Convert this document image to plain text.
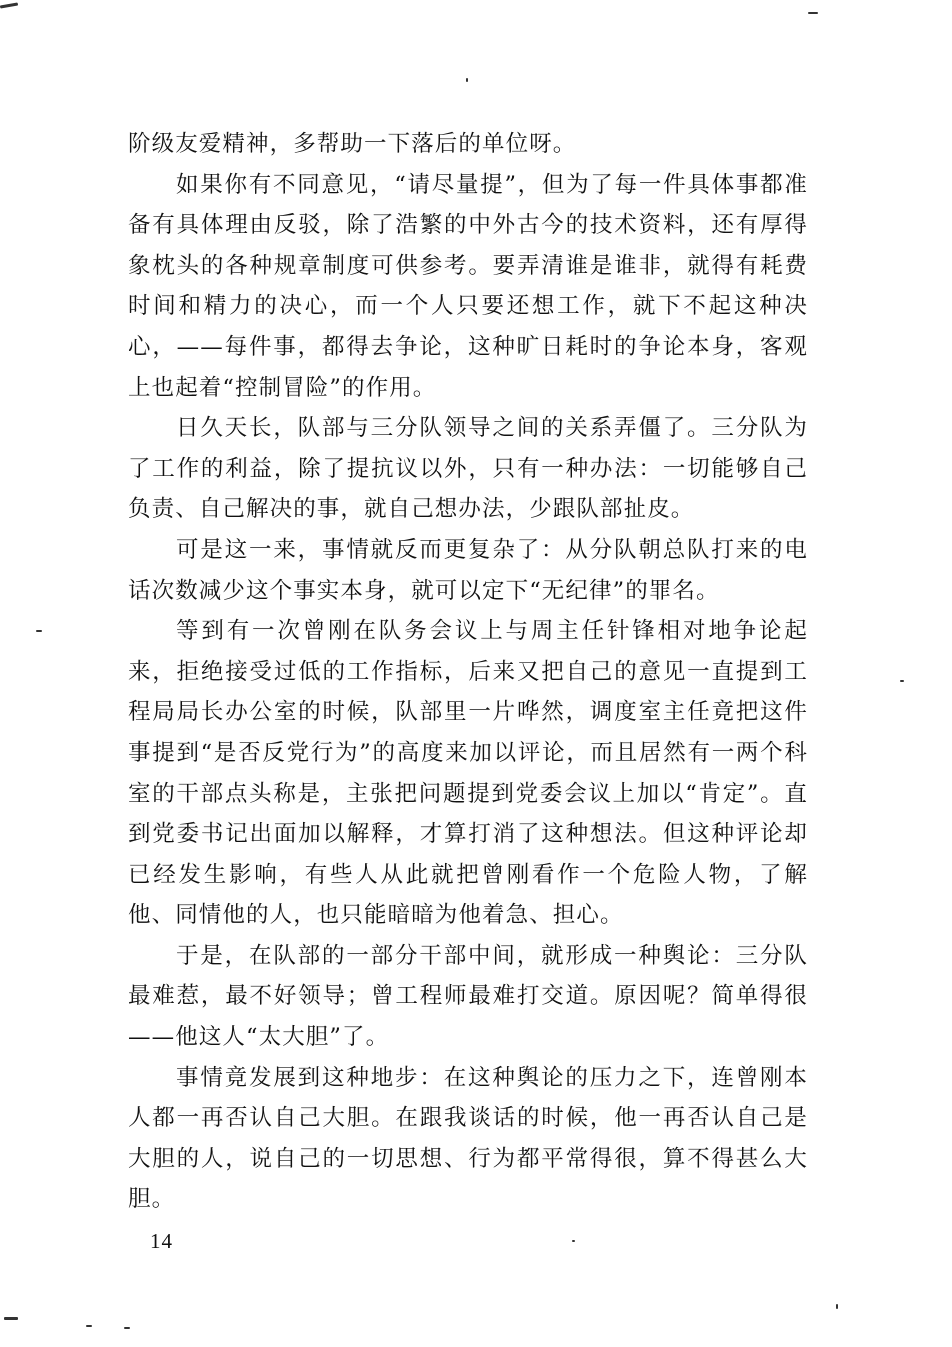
阶级友爱精神，多帮助一下落后的单位呀。

如果你有不同意见，“请尽量提”，但为了每一件具体事都准备有具体理由反驳，除了浩繁的中外古今的技术资料，还有厚得象枕头的各种规章制度可供参考。要弄清谁是谁非，就得有耗费时间和精力的决心，而一个人只要还想工作，就下不起这种决心，——每件事，都得去争论，这种旷日耗时的争论本身，客观上也起着“控制冒险”的作用。

日久天长，队部与三分队领导之间的关系弄僵了。三分队为了工作的利益，除了提抗议以外，只有一种办法：一切能够自己负责、自己解决的事，就自己想办法，少跟队部扯皮。

可是这一来，事情就反而更复杂了：从分队朝总队打来的电话次数减少这个事实本身，就可以定下“无纪律”的罪名。

等到有一次曾刚在队务会议上与周主任针锋相对地争论起来，拒绝接受过低的工作指标，后来又把自己的意见一直提到工程局局长办公室的时候，队部里一片哗然，调度室主任竟把这件事提到“是否反党行为”的高度来加以评论，而且居然有一两个科室的干部点头称是，主张把问题提到党委会议上加以“肯定”。直到党委书记出面加以解释，才算打消了这种想法。但这种评论却已经发生影响，有些人从此就把曾刚看作一个危险人物，了解他、同情他的人，也只能暗暗为他着急、担心。

于是，在队部的一部分干部中间，就形成一种舆论：三分队最难惹，最不好领导；曾工程师最难打交道。原因呢？简单得很——他这人“太大胆”了。

事情竟发展到这种地步：在这种舆论的压力之下，连曾刚本人都一再否认自己大胆。在跟我谈话的时候，他一再否认自己是大胆的人，说自己的一切思想、行为都平常得很，算不得甚么大胆。

14
